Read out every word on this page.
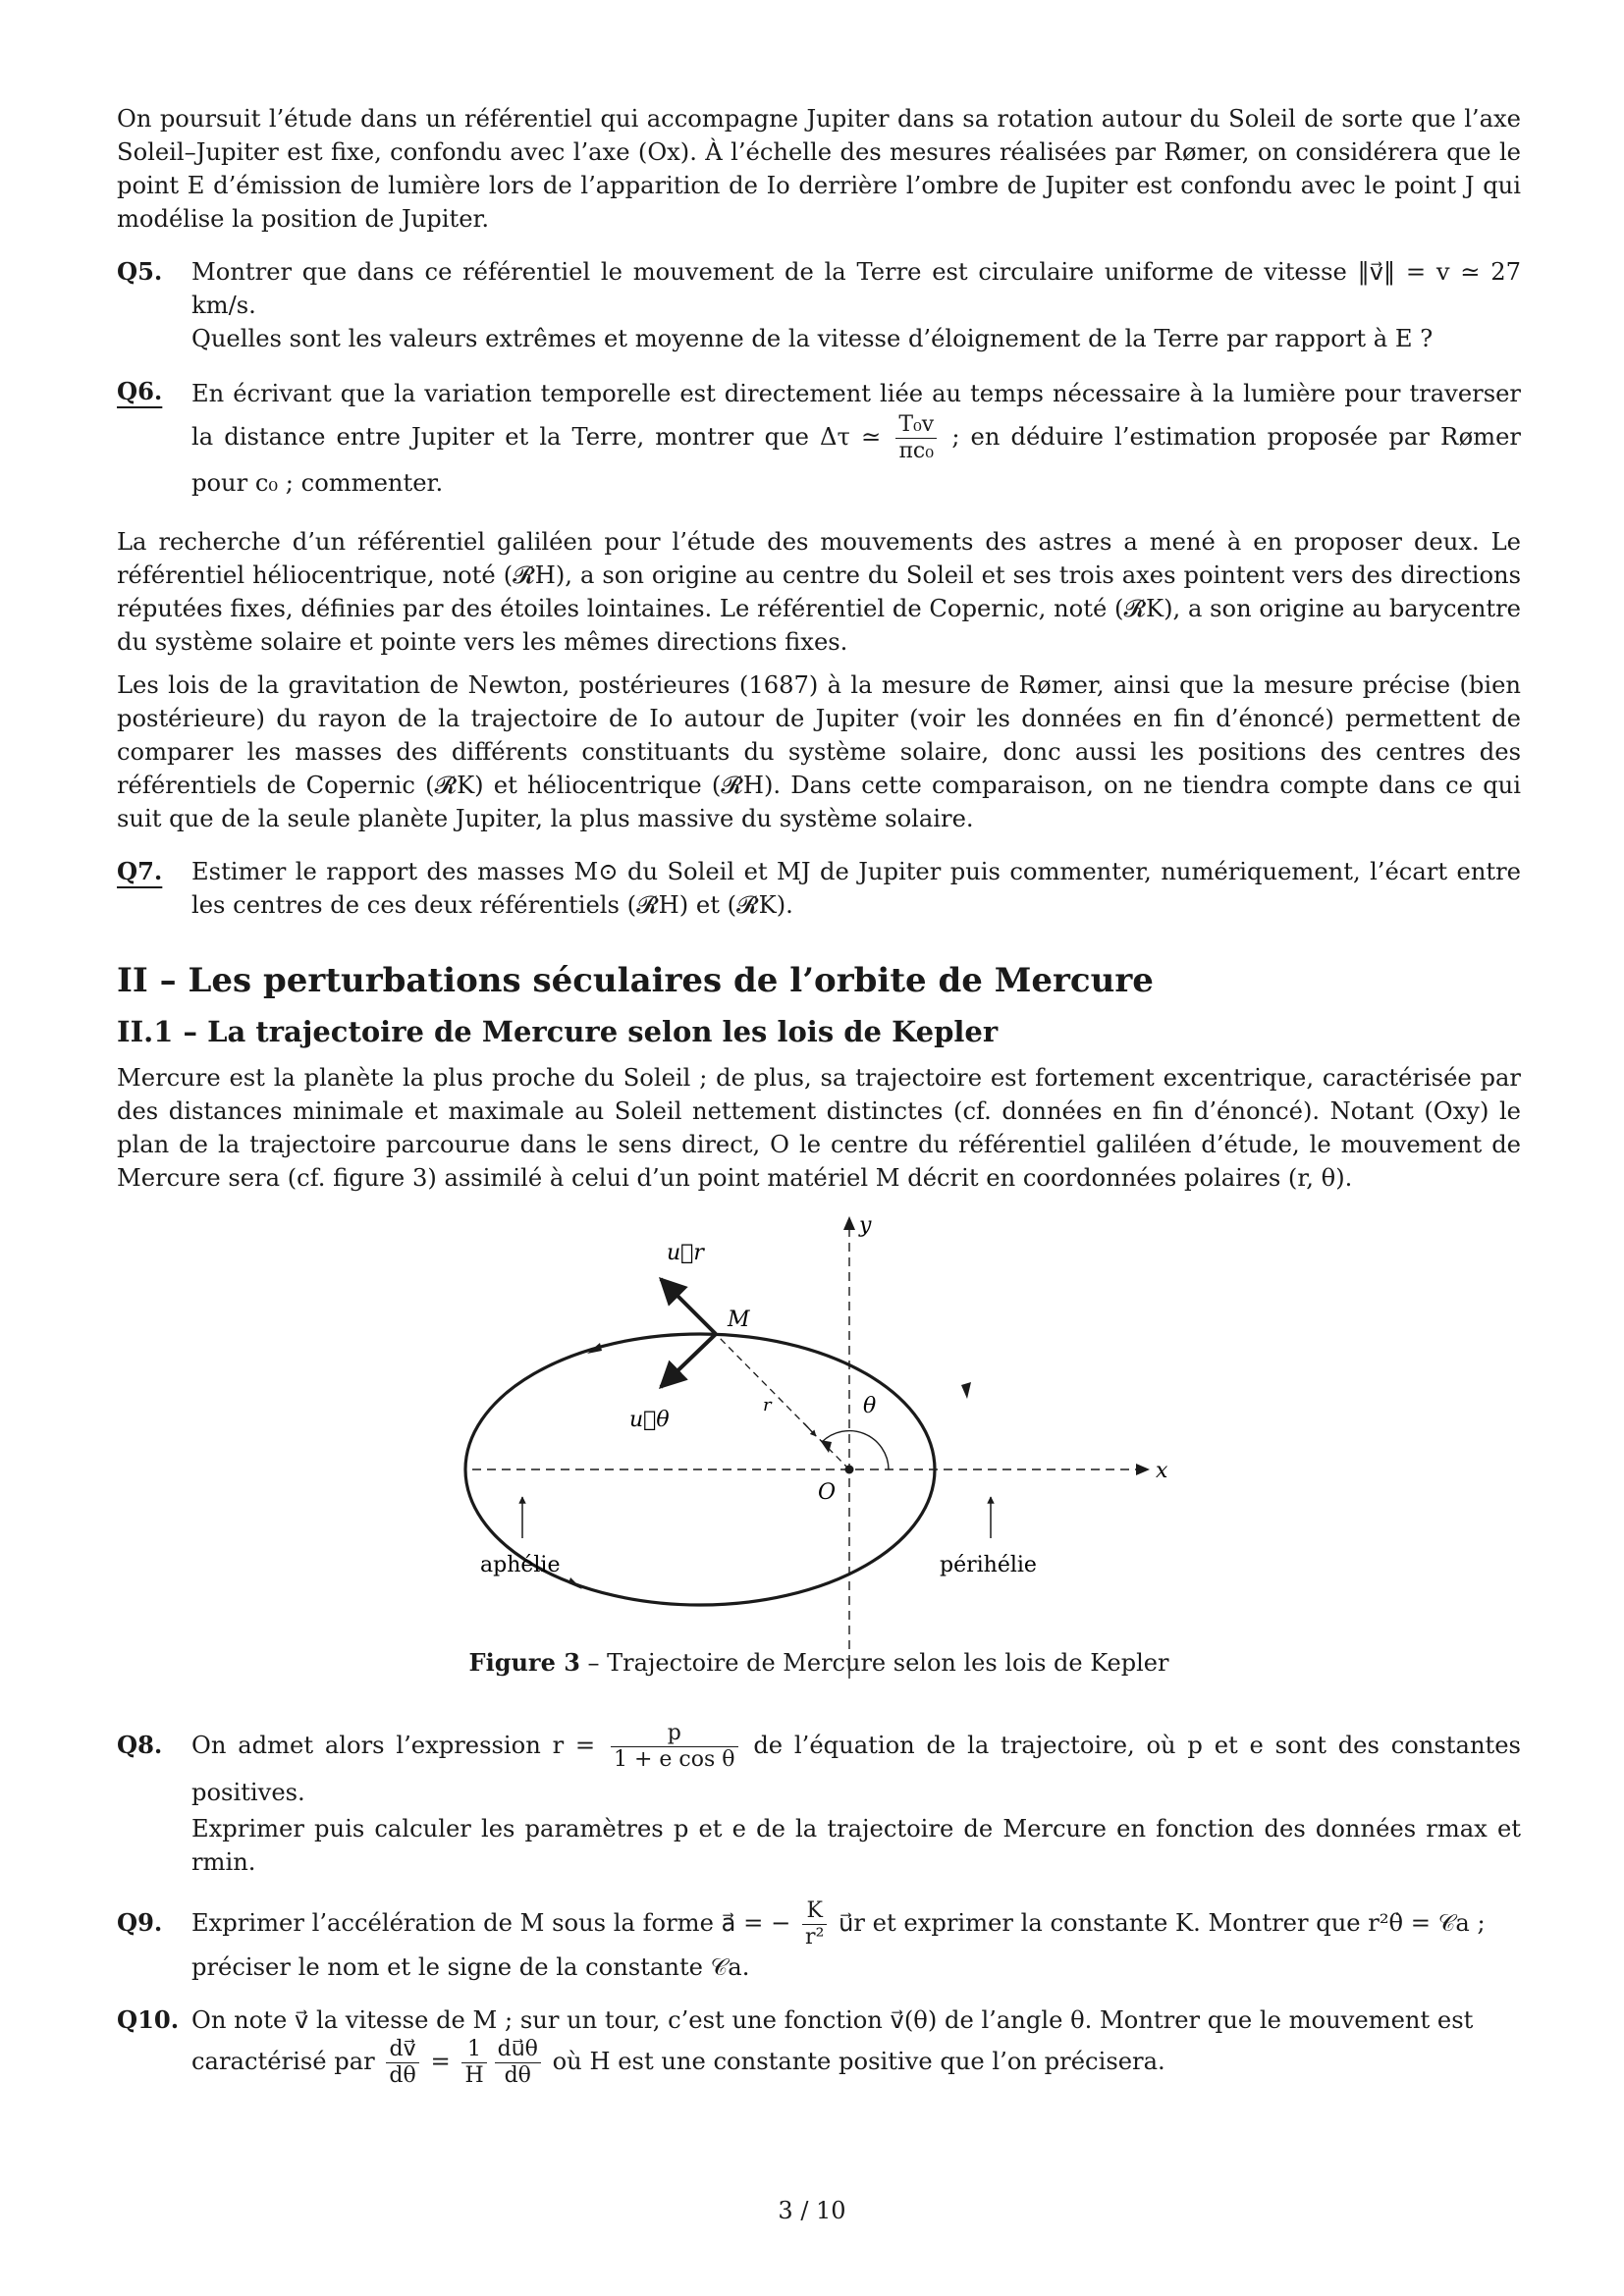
On poursuit l’étude dans un référentiel qui accompagne Jupiter dans sa rotation autour du Soleil de sorte que l’axe Soleil–Jupiter est fixe, confondu avec l’axe (Ox). À l’échelle des mesures réalisées par Rømer, on considérera que le point E d’émission de lumière lors de l’apparition de Io derrière l’ombre de Jupiter est confondu avec le point J qui modélise la position de Jupiter.

Q5.	Montrer que dans ce référentiel le mouvement de la Terre est circulaire uniforme de vitesse ‖v⃗‖ = v ≃ 27 km/s.
Quelles sont les valeurs extrêmes et moyenne de la vitesse d’éloignement de la Terre par rapport à E ?
Q6.	En écrivant que la variation temporelle est directement liée au temps nécessaire à la lumière pour traverser la distance entre Jupiter et la Terre, montrer que Δτ ≃ $\frac{\text{T₀v}}{\text{πc₀}}$ ; en déduire l’estimation proposée par Rømer pour c₀ ; commenter.

La recherche d’un référentiel galiléen pour l’étude des mouvements des astres a mené à en proposer deux. Le référentiel héliocentrique, noté (𝓡H), a son origine au centre du Soleil et ses trois axes pointent vers des directions réputées fixes, définies par des étoiles lointaines. Le référentiel de Copernic, noté (𝓡K), a son origine au barycentre du système solaire et pointe vers les mêmes directions fixes.

Les lois de la gravitation de Newton, postérieures (1687) à la mesure de Rømer, ainsi que la mesure précise (bien postérieure) du rayon de la trajectoire de Io autour de Jupiter (voir les données en fin d’énoncé) permettent de comparer les masses des différents constituants du système solaire, donc aussi les positions des centres des référentiels de Copernic (𝓡K) et héliocentrique (𝓡H). Dans cette comparaison, on ne tiendra compte dans ce qui suit que de la seule planète Jupiter, la plus massive du système solaire.

Q7.	Estimer le rapport des masses M⊙ du Soleil et MJ de Jupiter puis commenter, numériquement, l’écart entre les centres de ces deux référentiels (𝓡H) et (𝓡K).
II – Les perturbations séculaires de l’orbite de Mercure
II.1 – La trajectoire de Mercure selon les lois de Kepler

Mercure est la planète la plus proche du Soleil ; de plus, sa trajectoire est fortement excentrique, caractérisée par des distances minimale et maximale au Soleil nettement distinctes (cf. données en fin d’énoncé). Notant (Oxy) le plan de la trajectoire parcourue dans le sens direct, O le centre du référentiel galiléen d’étude, le mouvement de Mercure sera (cf. figure 3) assimilé à celui d’un point matériel M décrit en coordonnées polaires (r, θ).

y
x
O
M
r	θ
u⃗r
u⃗θ
aphélie	périhélie
Figure 3 – Trajectoire de Mercure selon les lois de Kepler
Q8.	On admet alors l’expression $r = \frac{p}{\text{1 + e cos θ}}$ de l’équation de la trajectoire, où p et e sont des constantes positives.
Exprimer puis calculer les paramètres p et e de la trajectoire de Mercure en fonction des données rmax et rmin.
Q9.	Exprimer l’accélération de M sous la forme a⃗ = − $\frac{K}{\text{r²}}$ u⃗r et exprimer la constante K. Montrer que r²θ̇ = 𝒞a ;
préciser le nom et le signe de la constante 𝒞a.
Q10. On note v⃗ la vitesse de M ; sur un tour, c’est une fonction v⃗(θ) de l’angle θ. Montrer que le mouvement est
caractérisé par $\frac{dv⃗}{d\theta} = \frac{1}{H} \frac{du⃗\theta}{d\theta}$ où H est une constante positive que l’on précisera.
3 / 10
